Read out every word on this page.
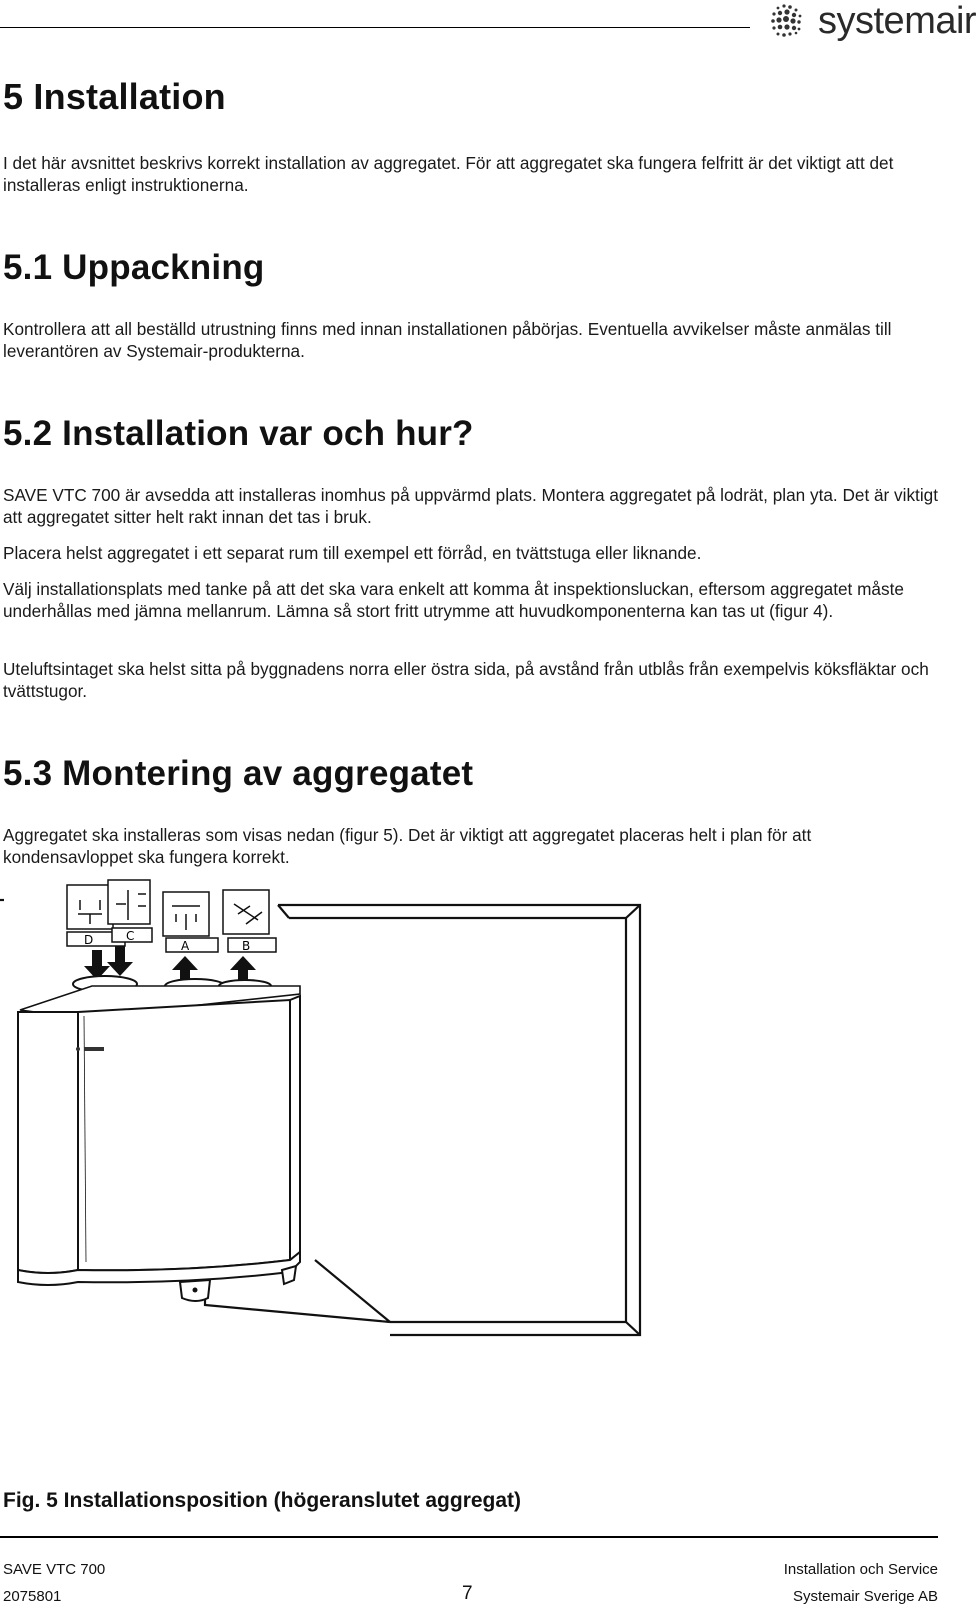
systemair
5 Installation

I det här avsnittet beskrivs korrekt installation av aggregatet. För att aggregatet ska fungera felfritt är det viktigt att det installeras enligt instruktionerna.

5.1 Uppackning

Kontrollera att all beställd utrustning finns med innan installationen påbörjas. Eventuella avvikelser måste anmälas till leverantören av Systemair-produkterna.

5.2 Installation var och hur?

SAVE VTC 700 är avsedda att installeras inomhus på uppvärmd plats. Montera aggregatet på lodrät, plan yta. Det är viktigt att aggregatet sitter helt rakt innan det tas i bruk.

Placera helst aggregatet i ett separat rum till exempel ett förråd, en tvättstuga eller liknande.

Välj installationsplats med tanke på att det ska vara enkelt att komma åt inspektionsluckan, eftersom aggregatet måste underhållas med jämna mellanrum. Lämna så stort fritt utrymme att huvudkomponenterna kan tas ut (figur 4).

Uteluftsintaget ska helst sitta på byggnadens norra eller östra sida, på avstånd från utblås från exempelvis köksfläktar och tvättstugor.

5.3 Montering av aggregatet

Aggregatet ska installeras som visas nedan (figur 5). Det är viktigt att aggregatet placeras helt i plan för att kondensavloppet ska fungera korrekt.

D	C
A	B
Fig. 5 Installationsposition (högeranslutet aggregat)
SAVE VTC 700
2075801	7
Installation och Service
Systemair Sverige AB
